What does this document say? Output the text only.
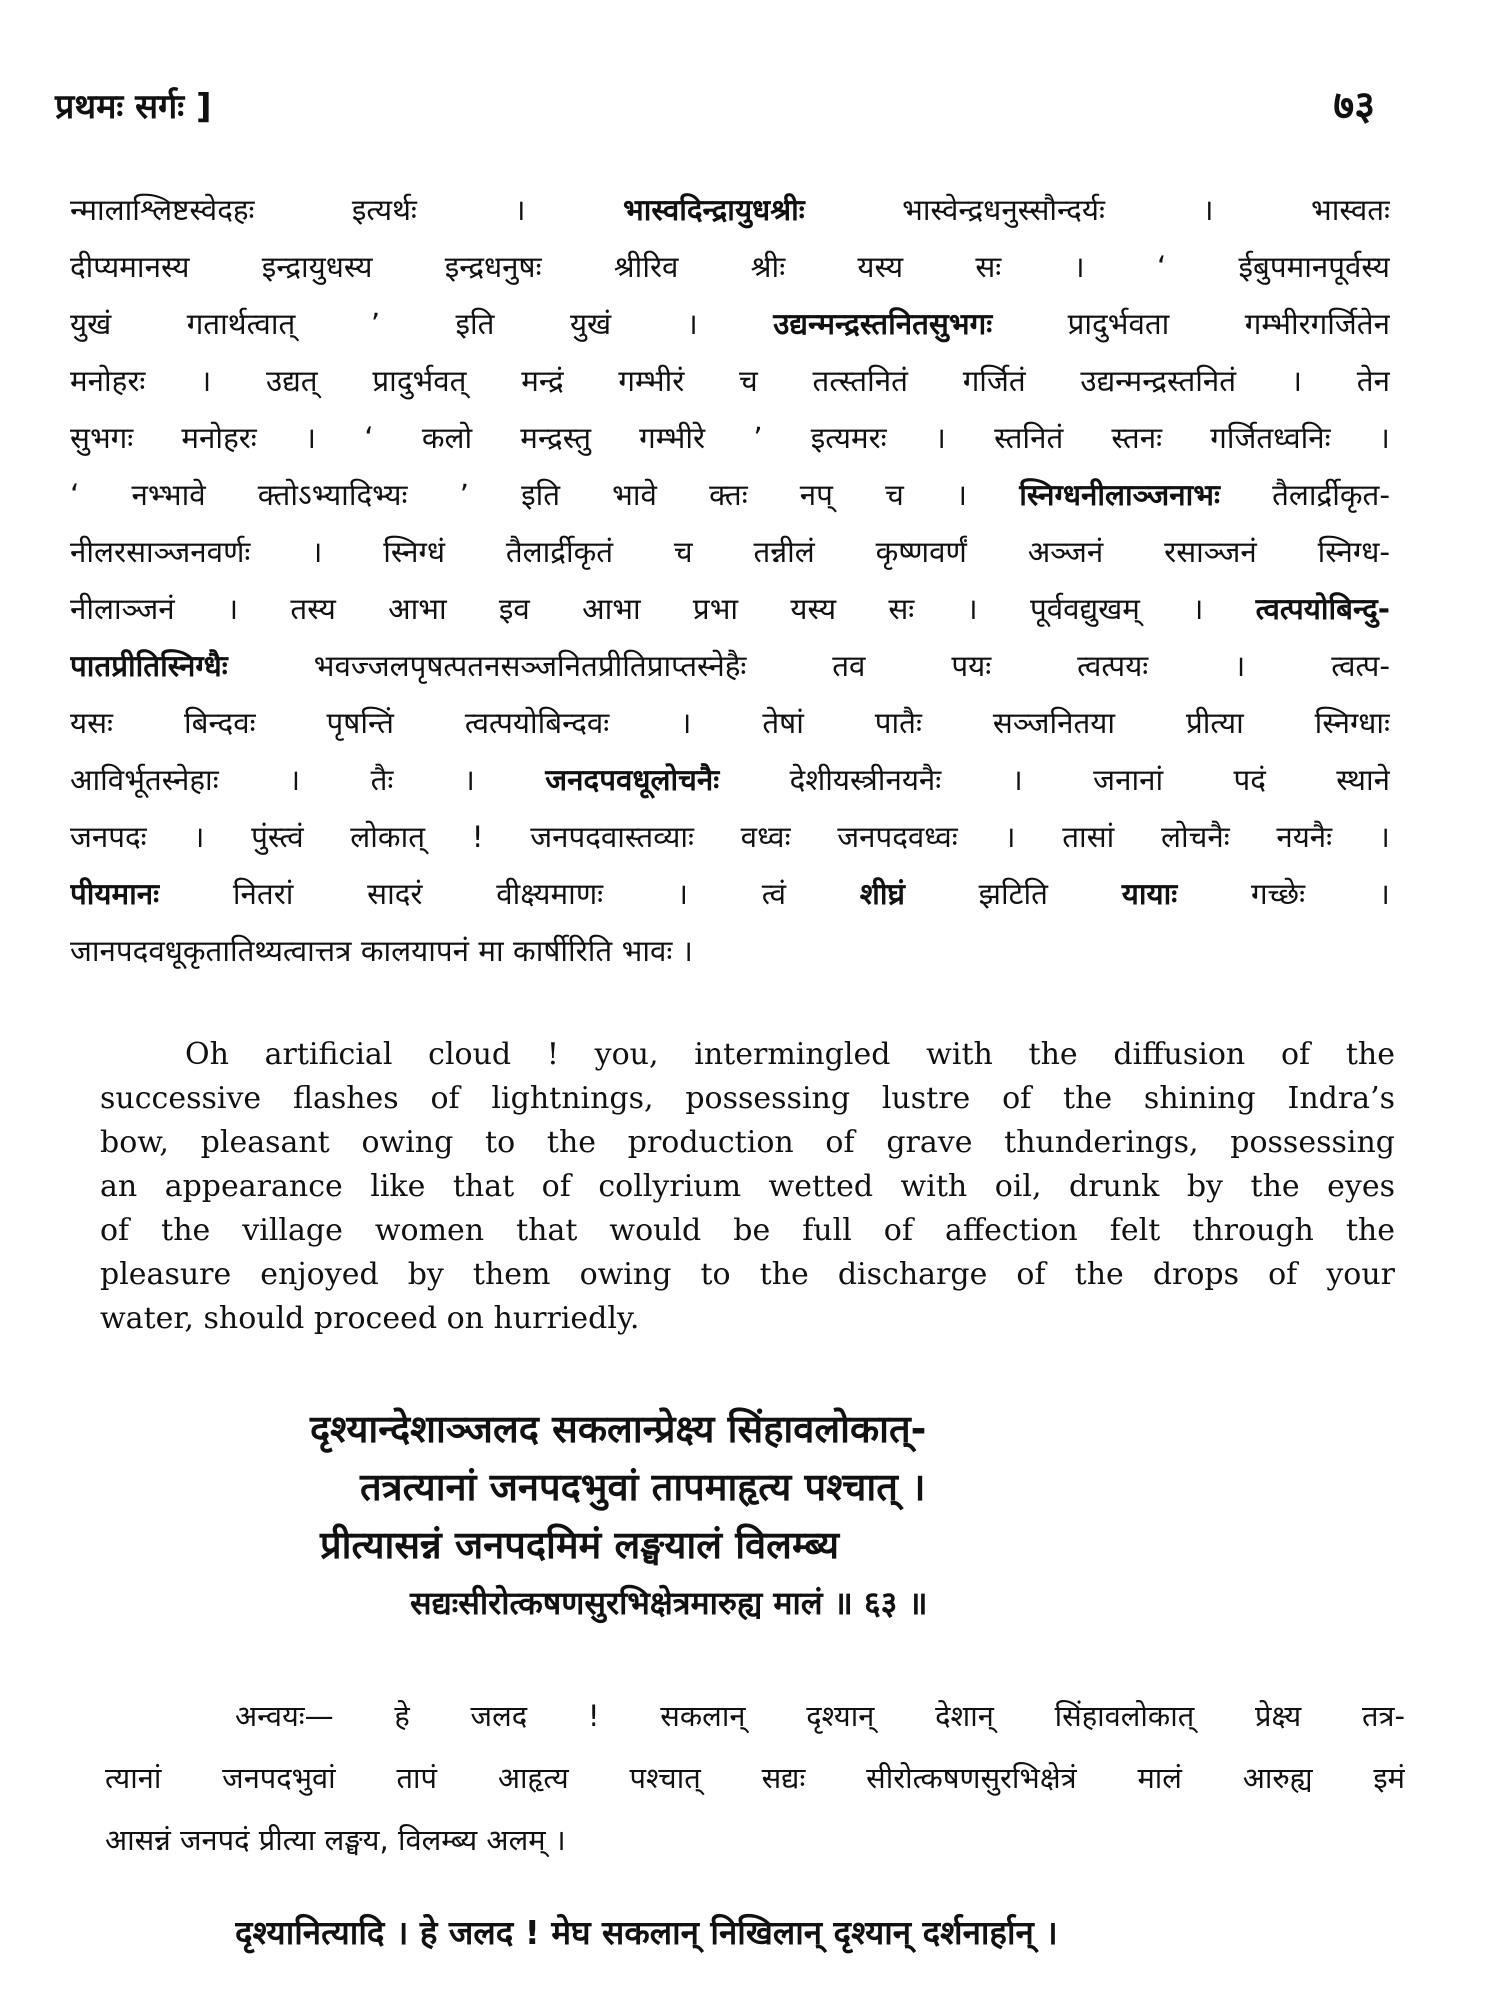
प्रथमः सर्गः ]	७३
न्मालाश्लिष्टस्वेदहः इत्यर्थः । भास्वदिन्द्रायुधश्रीः भास्वेन्द्रधनुस्सौन्दर्यः । भास्वतः
दीप्यमानस्य इन्द्रायुधस्य इन्द्रधनुषः श्रीरिव श्रीः यस्य सः । ‘ ईबुपमानपूर्वस्य
युखं गतार्थत्वात् ’ इति युखं । उद्यन्मन्द्रस्तनितसुभगः प्रादुर्भवता गम्भीरगर्जितेन
मनोहरः । उद्यत् प्रादुर्भवत् मन्द्रं गम्भीरं च तत्स्तनितं गर्जितं उद्यन्मन्द्रस्तनितं । तेन
सुभगः मनोहरः । ‘ कलो मन्द्रस्तु गम्भीरे ’ इत्यमरः । स्तनितं स्तनः गर्जितध्वनिः ।
‘ नभ्भावे क्तोऽभ्यादिभ्यः ’ इति भावे क्तः नप् च । स्निग्धनीलाञ्जनाभः तैलार्द्रीकृत-
नीलरसाञ्जनवर्णः । स्निग्धं तैलार्द्रीकृतं च तन्नीलं कृष्णवर्णं अञ्जनं रसाञ्जनं स्निग्ध-
नीलाञ्जनं । तस्य आभा इव आभा प्रभा यस्य सः । पूर्ववद्युखम् । त्वत्पयोबिन्दु-
पातप्रीतिस्निग्धैः भवज्जलपृषत्पतनसञ्जनितप्रीतिप्राप्तस्नेहैः तव पयः त्वत्पयः । त्वत्प-
यसः बिन्दवः पृषन्तिं त्वत्पयोबिन्दवः । तेषां पातैः सञ्जनितया प्रीत्या स्निग्धाः
आविर्भूतस्नेहाः । तैः । जनदपवधूलोचनैः देशीयस्त्रीनयनैः । जनानां पदं स्थाने
जनपदः । पुंस्त्वं लोकात् ! जनपदवास्तव्याः वध्वः जनपदवध्वः । तासां लोचनैः नयनैः ।
पीयमानः नितरां सादरं वीक्ष्यमाणः । त्वं शीघ्रं झटिति यायाः गच्छेः ।
जानपदवधूकृतातिथ्यत्वात्तत्र कालयापनं मा कार्षीरिति भावः ।
Oh artificial cloud ! you, intermingled with the diffusion of the
successive flashes of lightnings, possessing lustre of the shining Indra’s
bow, pleasant owing to the production of grave thunderings, possessing
an appearance like that of collyrium wetted with oil, drunk by the eyes
of the village women that would be full of affection felt through the
pleasure enjoyed by them owing to the discharge of the drops of your
water, should proceed on hurriedly.
दृश्यान्देशाञ्जलद सकलान्प्रेक्ष्य सिंहावलोकात्-
तत्रत्यानां जनपदभुवां तापमाहृत्य पश्चात् ।
प्रीत्यासन्नं जनपदमिमं लङ्घयालं विलम्ब्य
सद्यःसीरोत्कषणसुरभिक्षेत्रमारुह्य मालं ॥ ६३ ॥
अन्वयः— हे जलद ! सकलान् दृश्यान् देशान् सिंहावलोकात् प्रेक्ष्य तत्र-
त्यानां जनपदभुवां तापं आहृत्य पश्चात् सद्यः सीरोत्कषणसुरभिक्षेत्रं मालं आरुह्य इमं
आसन्नं जनपदं प्रीत्या लङ्घय, विलम्ब्य अलम् ।
दृश्यानित्यादि । हे जलद ! मेघ सकलान् निखिलान् दृश्यान् दर्शनार्हान् ।
